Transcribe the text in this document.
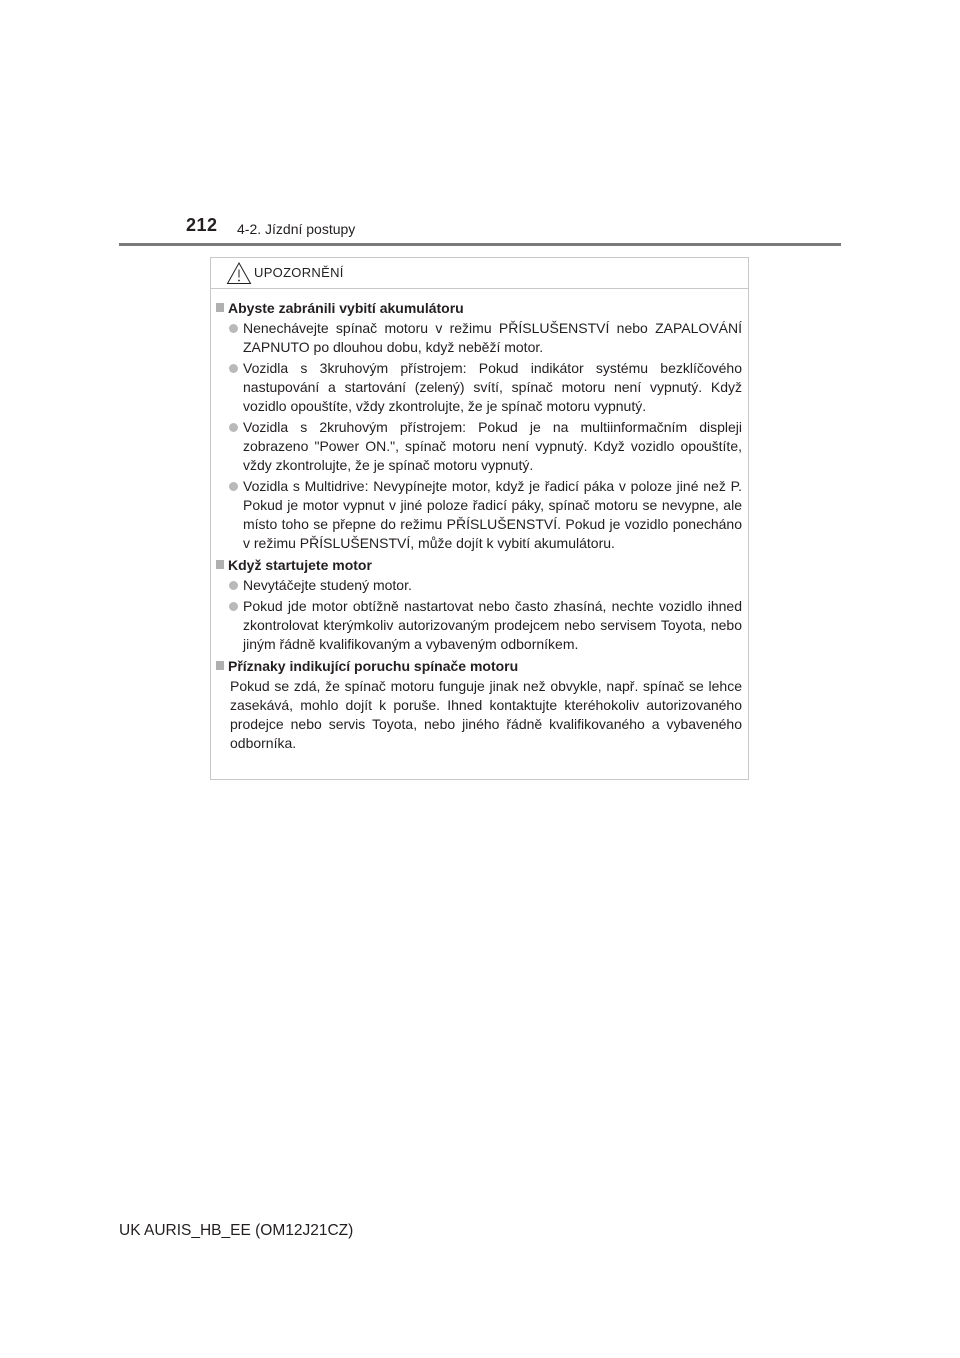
212 4-2. Jízdní postupy
UPOZORNĚNÍ
Abyste zabránili vybití akumulátoru
Nenechávejte spínač motoru v režimu PŘÍSLUŠENSTVÍ nebo ZAPALOVÁNÍ ZAPNUTO po dlouhou dobu, když neběží motor.
Vozidla s 3kruhovým přístrojem: Pokud indikátor systému bezklíčového nastupování a startování (zelený) svítí, spínač motoru není vypnutý. Když vozidlo opouštíte, vždy zkontrolujte, že je spínač motoru vypnutý.
Vozidla s 2kruhovým přístrojem: Pokud je na multiinformačním displeji zobrazeno "Power ON.", spínač motoru není vypnutý. Když vozidlo opouštíte, vždy zkontrolujte, že je spínač motoru vypnutý.
Vozidla s Multidrive: Nevypínejte motor, když je řadicí páka v poloze jiné než P. Pokud je motor vypnut v jiné poloze řadicí páky, spínač motoru se nevypne, ale místo toho se přepne do režimu PŘÍSLUŠENSTVÍ. Pokud je vozidlo ponecháno v režimu PŘÍSLUŠENSTVÍ, může dojít k vybití akumulátoru.
Když startujete motor
Nevytáčejte studený motor.
Pokud jde motor obtížně nastartovat nebo často zhasíná, nechte vozidlo ihned zkontrolovat kterýmkoliv autorizovaným prodejcem nebo servisem Toyota, nebo jiným řádně kvalifikovaným a vybaveným odborníkem.
Příznaky indikující poruchu spínače motoru
Pokud se zdá, že spínač motoru funguje jinak než obvykle, např. spínač se lehce zasekává, mohlo dojít k poruše. Ihned kontaktujte kteréhokoliv autorizovaného prodejce nebo servis Toyota, nebo jiného řádně kvalifikovaného a vybaveného odborníka.
UK AURIS_HB_EE (OM12J21CZ)
